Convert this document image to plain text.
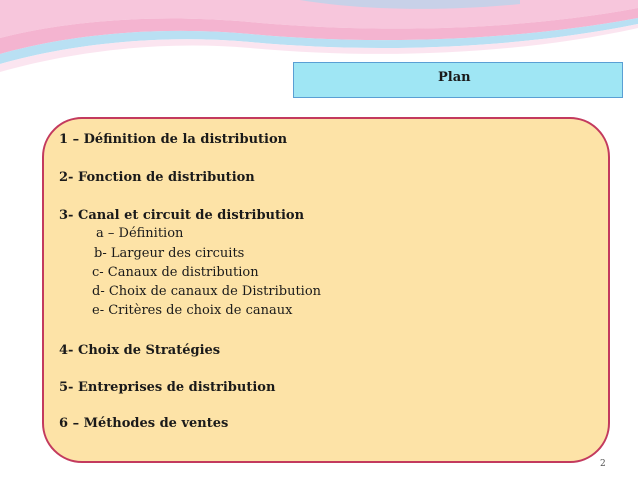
Plan
1 – Définition de la distribution
2- Fonction de distribution
3- Canal et circuit de distribution
a – Définition
b- Largeur des circuits
c- Canaux de distribution
d- Choix de canaux de Distribution
e- Critères de choix de canaux
4- Choix de Stratégies
5- Entreprises de distribution
6 – Méthodes de ventes
2
